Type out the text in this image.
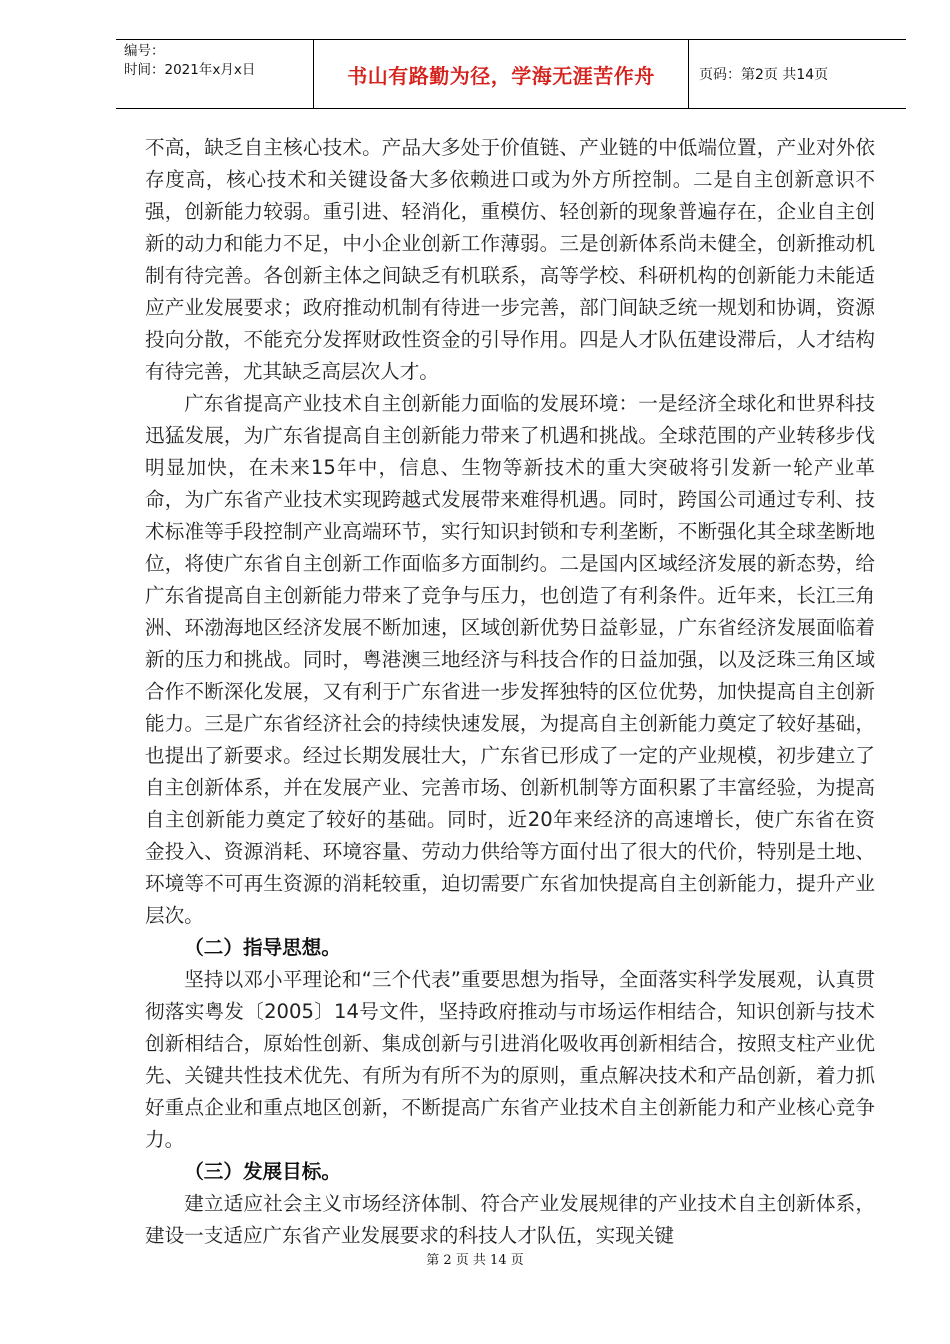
编号：
时间：2021年x月x日	书山有路勤为径，学海无涯苦作舟	页码：第2页 共14页

不高，缺乏自主核心技术。产品大多处于价值链、产业链的中低端位置，产业对外依存度高，核心技术和关键设备大多依赖进口或为外方所控制。二是自主创新意识不强，创新能力较弱。重引进、轻消化，重模仿、轻创新的现象普遍存在，企业自主创新的动力和能力不足，中小企业创新工作薄弱。三是创新体系尚未健全，创新推动机制有待完善。各创新主体之间缺乏有机联系，高等学校、科研机构的创新能力未能适应产业发展要求；政府推动机制有待进一步完善，部门间缺乏统一规划和协调，资源投向分散，不能充分发挥财政性资金的引导作用。四是人才队伍建设滞后，人才结构有待完善，尤其缺乏高层次人才。

广东省提高产业技术自主创新能力面临的发展环境：一是经济全球化和世界科技迅猛发展，为广东省提高自主创新能力带来了机遇和挑战。全球范围的产业转移步伐明显加快，在未来15年中，信息、生物等新技术的重大突破将引发新一轮产业革命，为广东省产业技术实现跨越式发展带来难得机遇。同时，跨国公司通过专利、技术标准等手段控制产业高端环节，实行知识封锁和专利垄断，不断强化其全球垄断地位，将使广东省自主创新工作面临多方面制约。二是国内区域经济发展的新态势，给广东省提高自主创新能力带来了竞争与压力，也创造了有利条件。近年来，长江三角洲、环渤海地区经济发展不断加速，区域创新优势日益彰显，广东省经济发展面临着新的压力和挑战。同时，粤港澳三地经济与科技合作的日益加强，以及泛珠三角区域合作不断深化发展，又有利于广东省进一步发挥独特的区位优势，加快提高自主创新能力。三是广东省经济社会的持续快速发展，为提高自主创新能力奠定了较好基础，也提出了新要求。经过长期发展壮大，广东省已形成了一定的产业规模，初步建立了自主创新体系，并在发展产业、完善市场、创新机制等方面积累了丰富经验，为提高自主创新能力奠定了较好的基础。同时，近20年来经济的高速增长，使广东省在资金投入、资源消耗、环境容量、劳动力供给等方面付出了很大的代价，特别是土地、环境等不可再生资源的消耗较重，迫切需要广东省加快提高自主创新能力，提升产业层次。

（二）指导思想。

坚持以邓小平理论和“三个代表”重要思想为指导，全面落实科学发展观，认真贯彻落实粤发〔2005〕14号文件，坚持政府推动与市场运作相结合，知识创新与技术创新相结合，原始性创新、集成创新与引进消化吸收再创新相结合，按照支柱产业优先、关键共性技术优先、有所为有所不为的原则，重点解决技术和产品创新，着力抓好重点企业和重点地区创新，不断提高广东省产业技术自主创新能力和产业核心竞争力。

（三）发展目标。

建立适应社会主义市场经济体制、符合产业发展规律的产业技术自主创新体系，建设一支适应广东省产业发展要求的科技人才队伍，实现关键

第 2 页 共 14 页
